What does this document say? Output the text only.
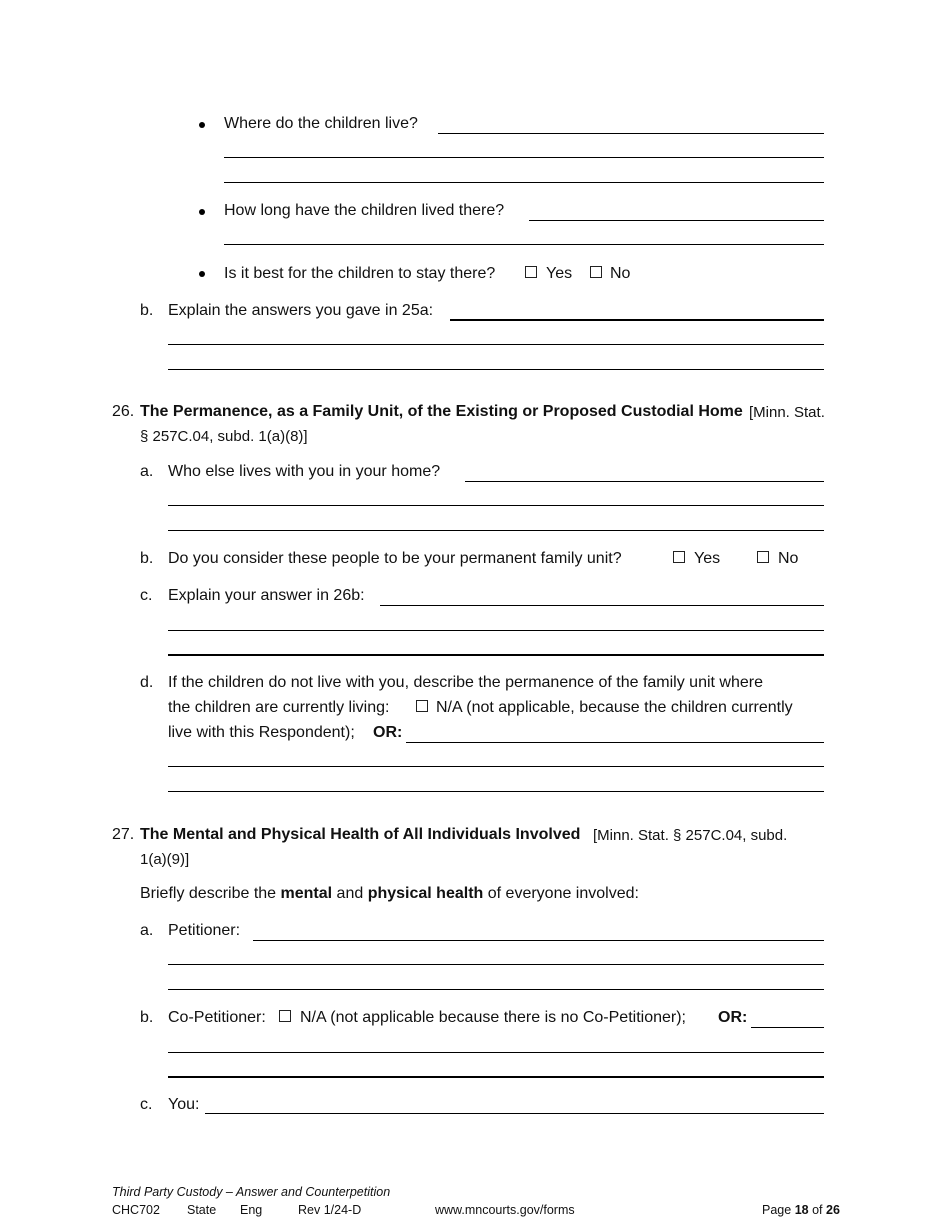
Where do the children live?
How long have the children lived there?
Is it best for the children to stay there?	Yes No
b. Explain the answers you gave in 25a:
26. The Permanence, as a Family Unit, of the Existing or Proposed Custodial Home [Minn. Stat.
§ 257C.04, subd. 1(a)(8)]
a. Who else lives with you in your home?
b. Do you consider these people to be your permanent family unit?	Yes	No
c. Explain your answer in 26b:
d. If the children do not live with you, describe the permanence of the family unit where
the children are currently living:	N/A (not applicable, because the children currently
live with this Respondent); OR:
27. The Mental and Physical Health of All Individuals Involved [Minn. Stat. § 257C.04, subd.
1(a)(9)]
Briefly describe the mental and physical health of everyone involved:
a. Petitioner:
b. Co-Petitioner: N/A (not applicable because there is no Co-Petitioner); OR:
c. You:
Third Party Custody – Answer and Counterpetition
CHC702 State Eng	Rev 1/24-D	www.mncourts.gov/forms	Page 18 of 26
